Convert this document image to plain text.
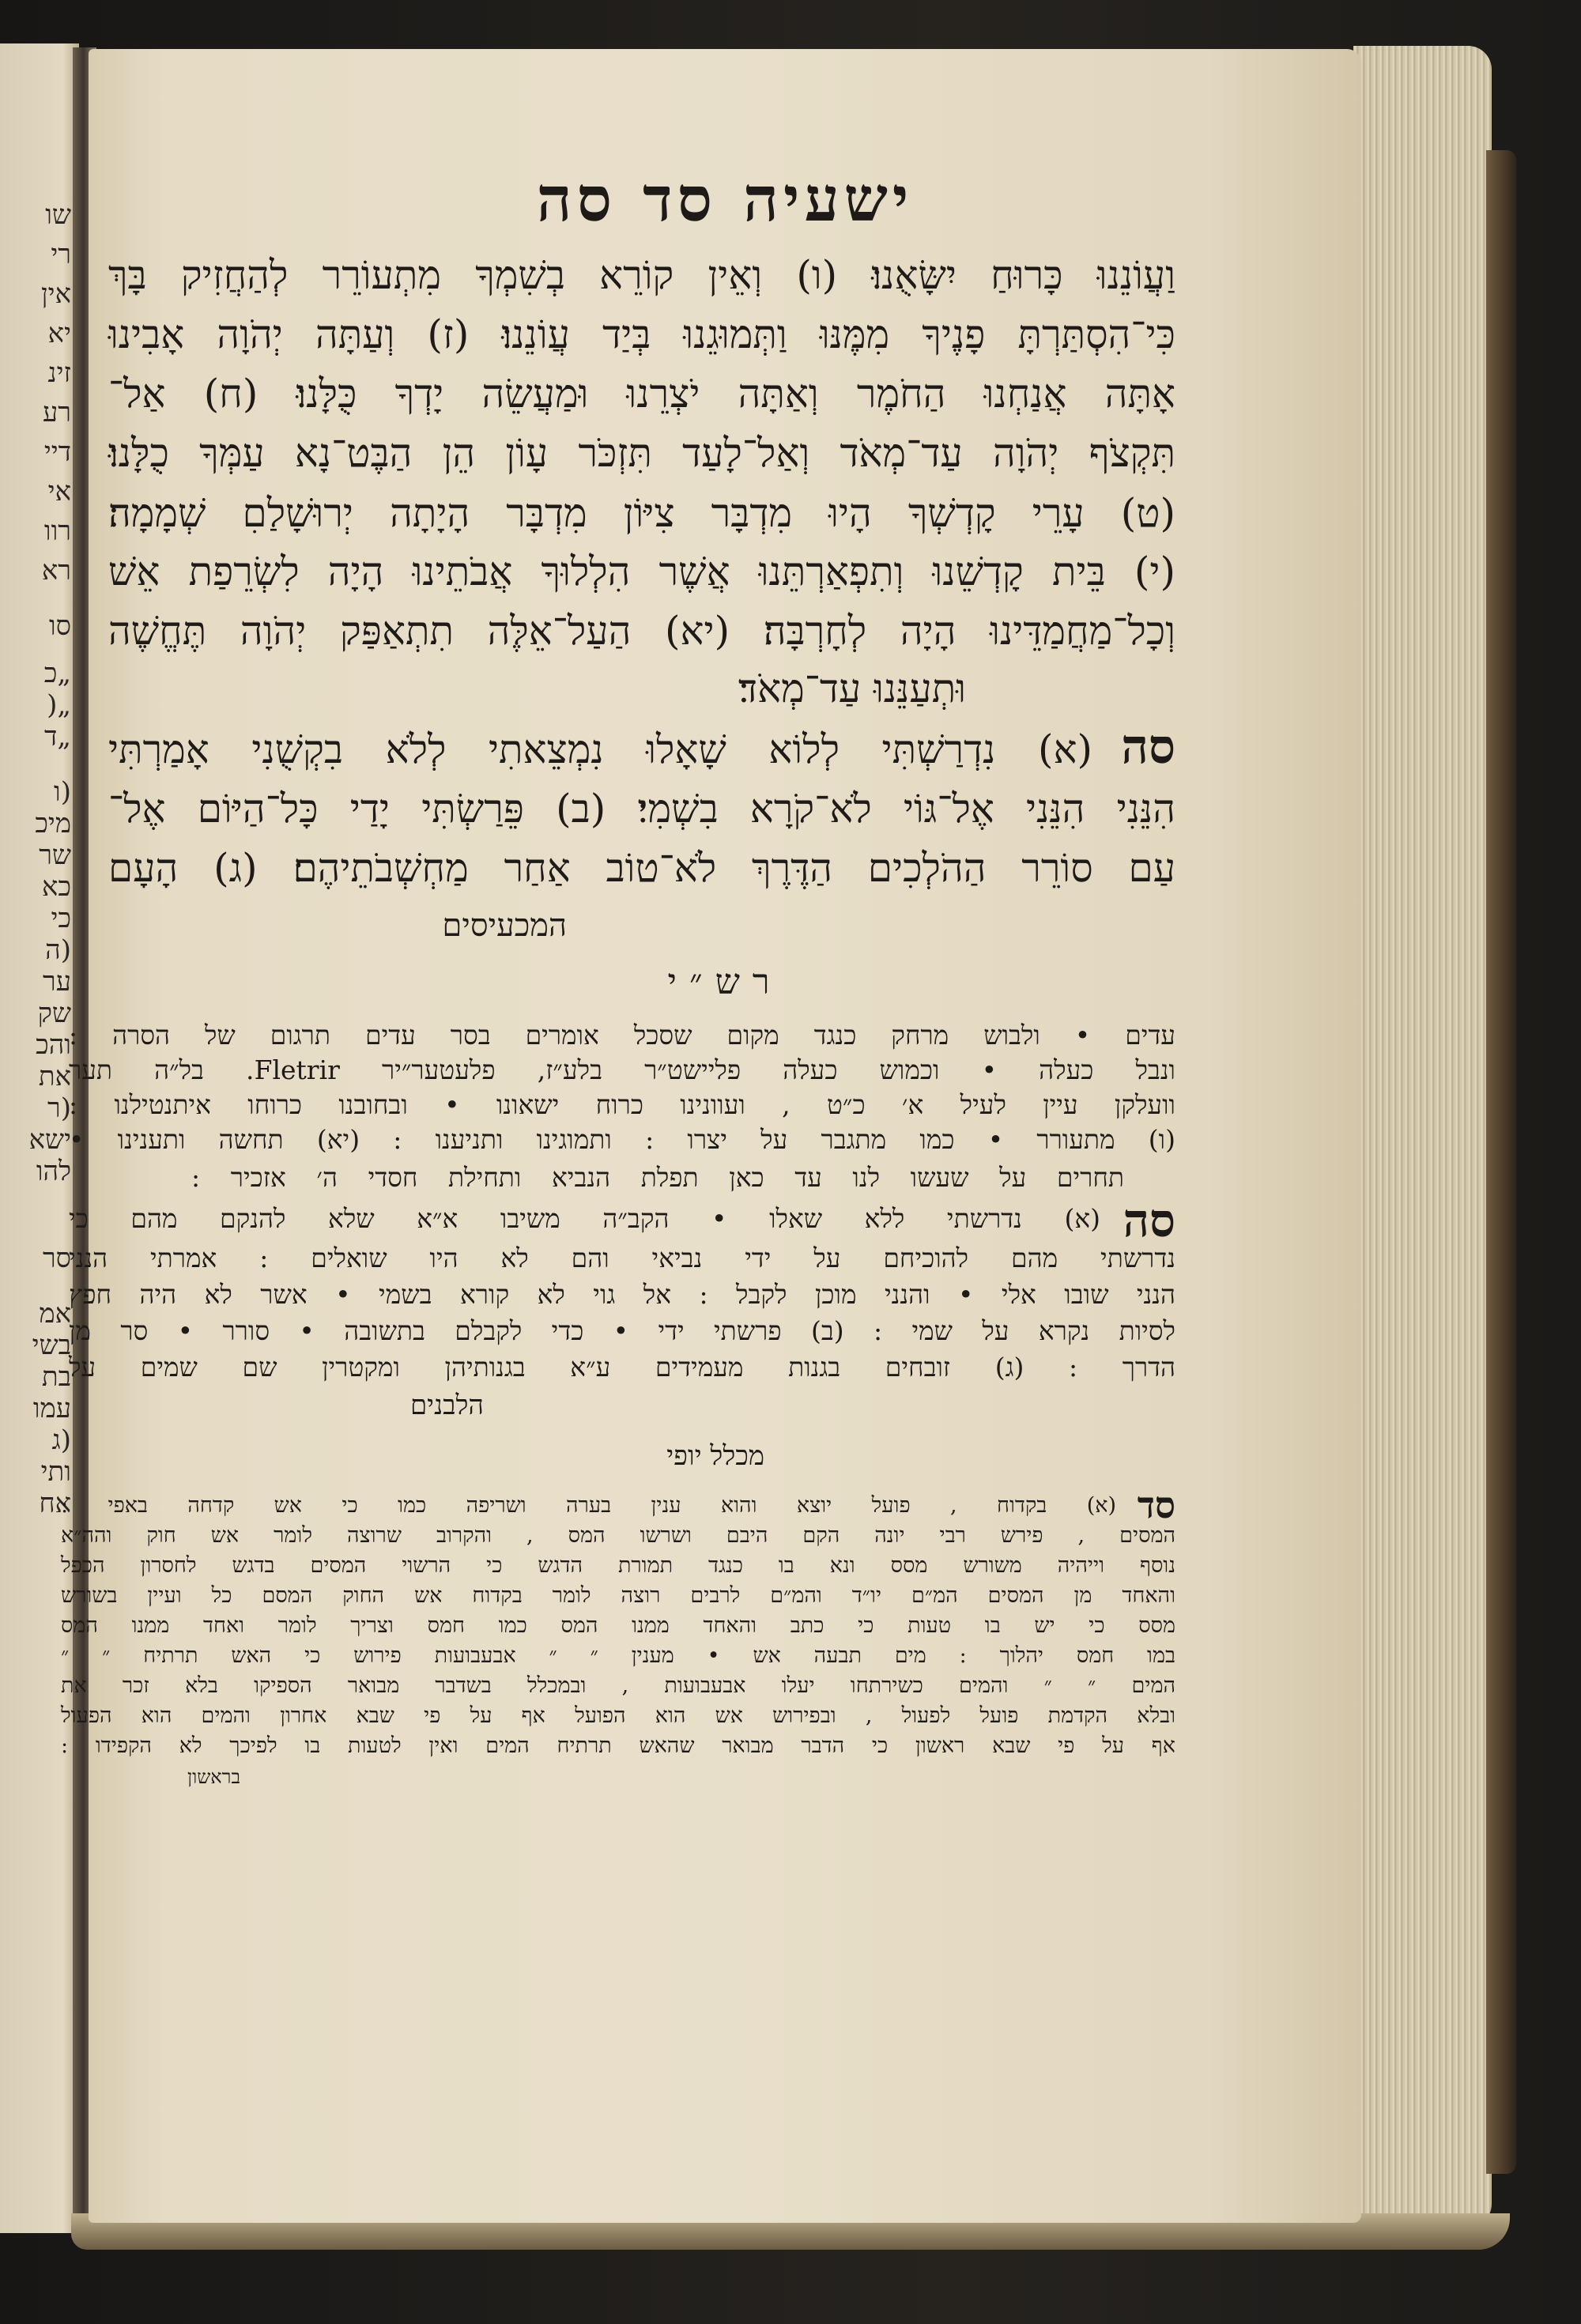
שו
רי
אין
יא
זינ
רע
דיי
אי
רוו
רא
סו
„כ
„(
„ד
(ו
מיכ
שר
כא
כי
(ה
ער
שק
והכ
את
(ר
ישא
להו
סר
אמ
בשי
בת
עמו
(ג
ותי
אח
ישעיה סד סה
וַעֲוֹנֵנוּ כָּרוּחַ יִשָּׂאֻנוּ׃ (ו) וְאֵין קוֹרֵא בְשִׁמְךָ מִתְעוֹרֵר לְהַחֲזִיק בָּךְ
כִּי־הִסְתַּרְתָּ פָנֶיךָ מִמֶּנּוּ וַתְּמוּגֵנוּ בְּיַד עֲוֹנֵנוּ׃ (ז) וְעַתָּה יְהֹוָה אָבִינוּ
אָתָּה אֲנַחְנוּ הַחֹמֶר וְאַתָּה יֹצְרֵנוּ וּמַעֲשֵׂה יָדְךָ כֻּלָּנוּ׃ (ח) אַל־
תִּקְצֹף יְהֹוָה עַד־מְאֹד וְאַל־לָעַד תִּזְכֹּר עָוֹן הֵן הַבֶּט־נָא עַמְּךָ כֻלָּנוּ׃
(ט) עָרֵי קָדְשְׁךָ הָיוּ מִדְבָּר צִיּוֹן מִדְבָּר הָיָתָה יְרוּשָׁלַםִ שְׁמָמָה׃
(י) בֵּית קָדְשֵׁנוּ וְתִפְאַרְתֵּנוּ אֲשֶׁר הִלְלוּךָ אֲבֹתֵינוּ הָיָה לִשְׂרֵפַת אֵשׁ
וְכָל־מַחֲמַדֵּינוּ הָיָה לְחָרְבָּה׃ (יא) הַעַל־אֵלֶּה תִתְאַפַּק יְהֹוָה תֶּחֱשֶׁה
וּתְעַנֵּנוּ עַד־מְאֹד׃
סה
(א) נִדְרַשְׁתִּי לְלוֹא שָׁאָלוּ נִמְצֵאתִי לְלֹא בִקְשֻׁנִי אָמַרְתִּי
הִנֵּנִי הִנֵּנִי אֶל־גּוֹי לֹא־קֹרָא בִשְׁמִי׃ (ב) פֵּרַשְׂתִּי יָדַי כָּל־הַיּוֹם אֶל־
עַם סוֹרֵר הַהֹלְכִים הַדֶּרֶךְ לֹא־טוֹב אַחַר מַחְשְׁבֹתֵיהֶם׃ (ג) הָעָם
המכעיסים
רש״י
עדים • ולבוש מרחק כנגד מקום שסכל אומרים בסר עדים תרגום של הסרה :
ונבל כעלה • וכמוש כעלה פליישט״ר בלע״ז, פלעטער״יר Fletrir. בל״ה תער
וועלקן עיין לעיל א׳ כ״ט , ועוונינו כרוח ישאונו • ובחובנו כרוחו איתנטילנו :
(ו) מתעורר • כמו מתגבר על יצרו : ותמוגינו ותניענו : (יא) תחשה ותענינו •
תחרים על שעשו לנו עד כאן תפלת הנביא ותחילת חסדי ה׳ אזכיר :
סה
(א) נדרשתי ללא שאלו • הקב״ה משיבו א״א שלא להנקם מהם כי
נדרשתי מהם להוכיחם על ידי נביאי והם לא היו שואלים : אמרתי הנני
הנני שובו אלי • והנני מוכן לקבל : אל גוי לא קורא בשמי • אשר לא היה חפץ
לסיות נקרא על שמי : (ב) פרשתי ידי • כדי לקבלם בתשובה • סורר • סר מן
הדרך : (ג) זובחים בגנות מעמידים ע״א בגנותיהן ומקטרין שם שמים על
הלבנים
מכלל יופי
סד
(א) בקדוח , פועל יוצא והוא ענין בערה ושריפה כמו כי אש קדחה באפי :
המסים , פירש רבי יונה הקם היבם ושרשו המס , והקרוב שרוצה לומר אש חוק והה״א
נוסף וייהיה משורש מסס ונא בו כנגד תמורת הדגש כי הרשוי המסים בדגש לחסרון הכפל
והאחד מן המסים המ״ם יו״ד והמ״ם לרבים רוצה לומר בקדוח אש החוק המסם כל ועיין בשורש
מסס כי יש בו טעות כי כתב והאחד ממנו המס כמו חמס וצריך לומר ואחד ממנו המס
במו חמס יהלוך : מים תבעה אש • מענין ״ ״ אבעבועות פירוש כי האש תרתיח ״ ״
המים ״ ״ והמים כשירתחו יעלו אבעבועות , ובמכלל בשדבר מבואר הספיקו בלא זכר את
ובלא הקדמת פועל לפעול , ובפירוש אש הוא הפועל אף על פי שבא אחרון והמים הוא הפעול
אף על פי שבא ראשון כי הדבר מבואר שהאש תרתיח המים ואין לטעות בו לפיכך לא הקפידו :
בראשון
